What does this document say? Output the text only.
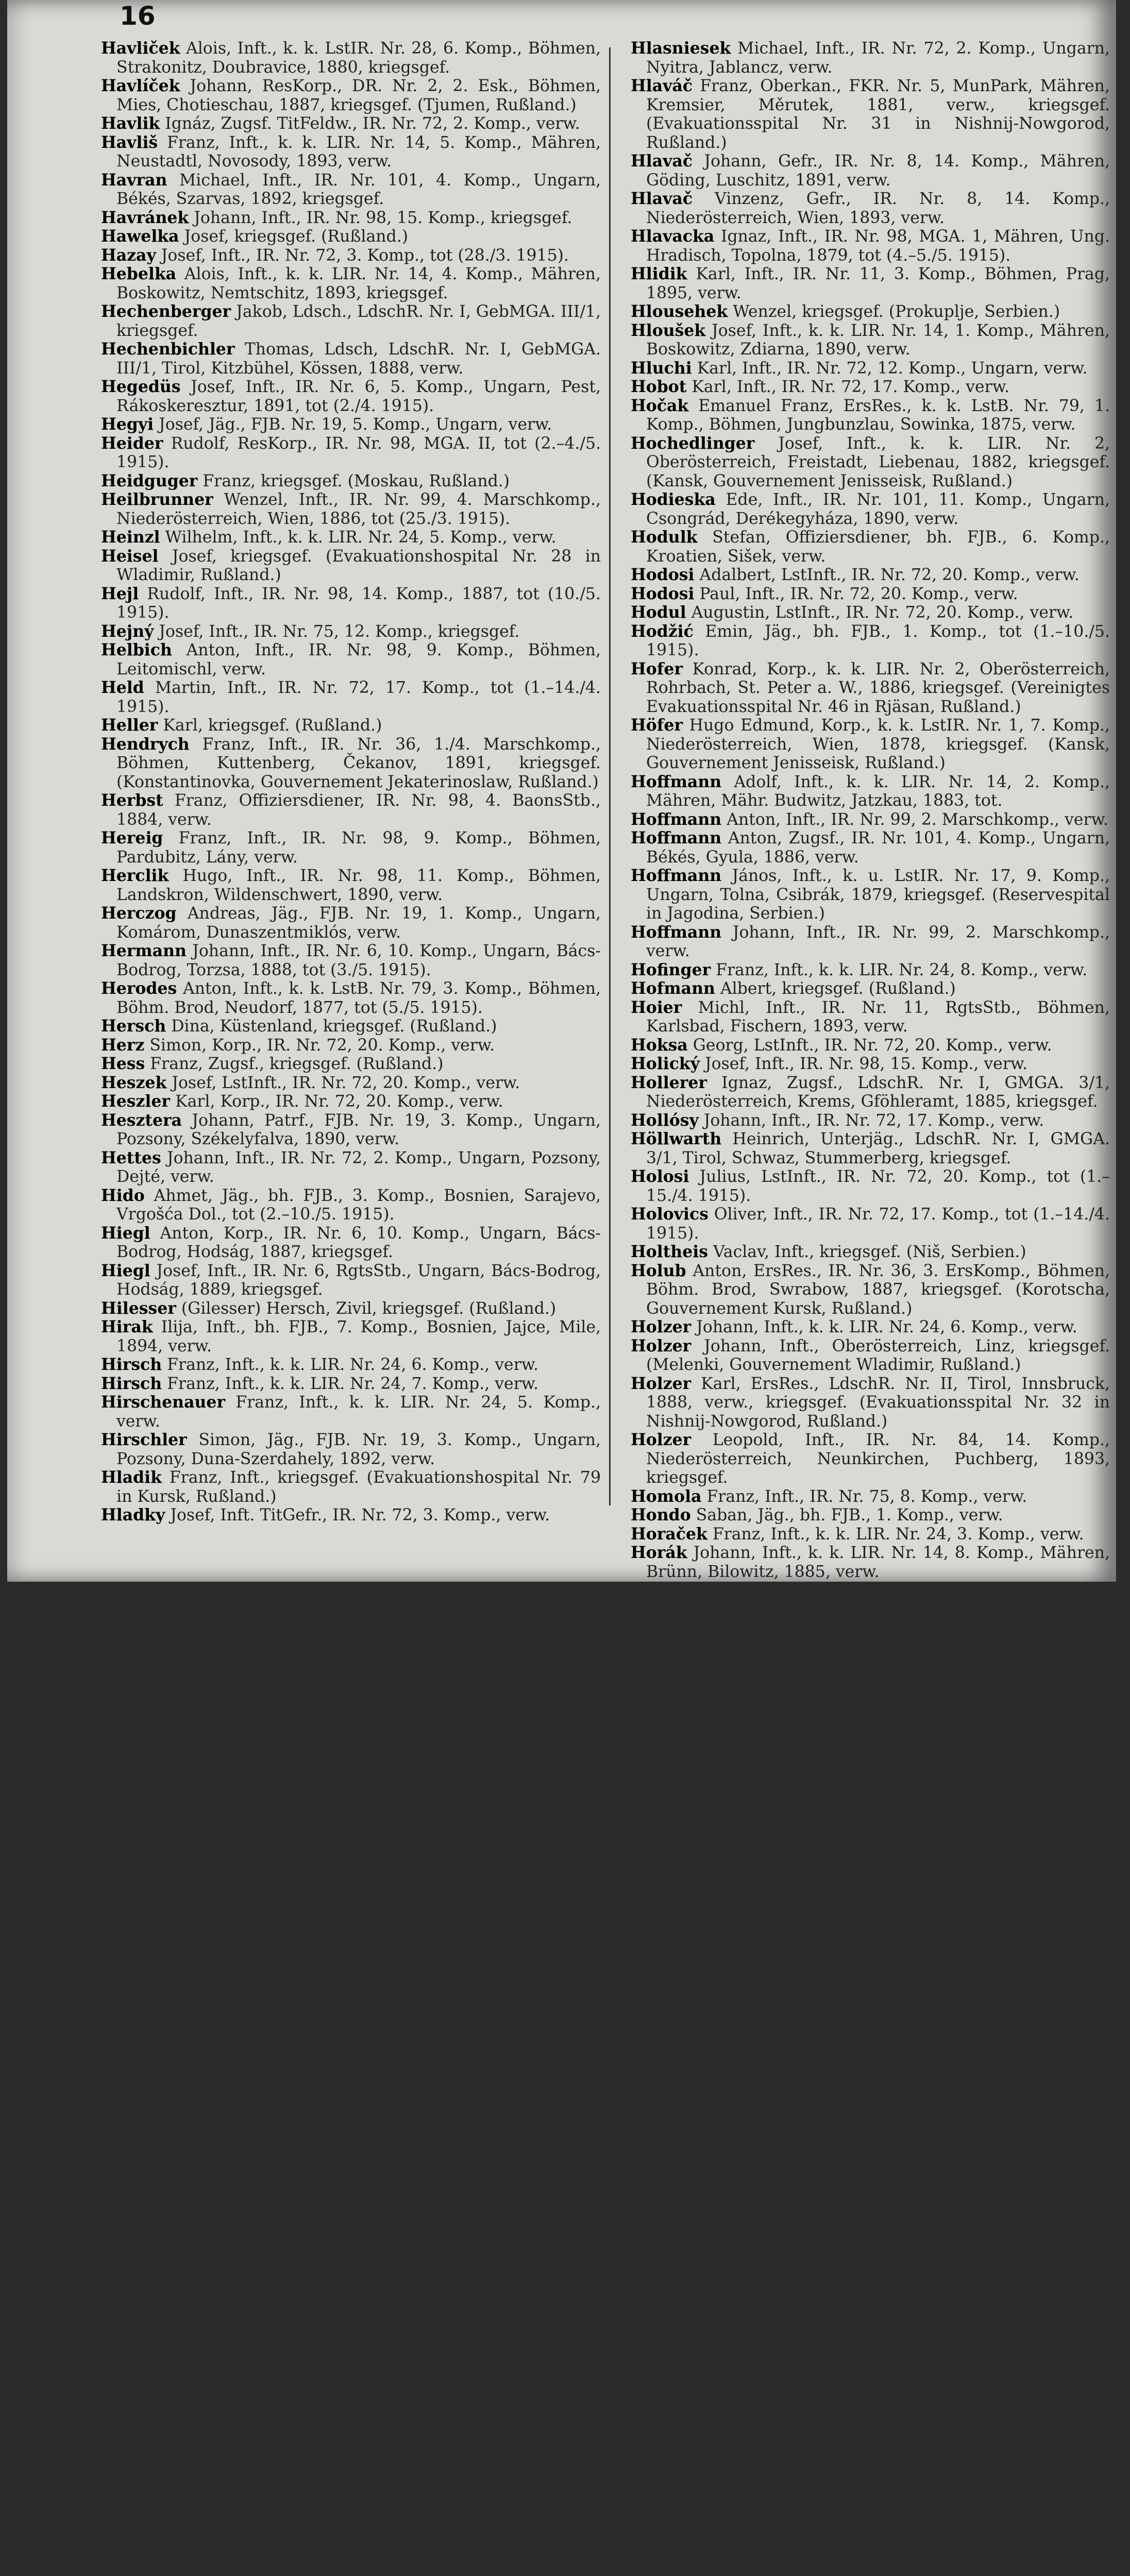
16

Havliček Alois, Inft., k. k. LstIR. Nr. 28, 6. Komp., Böhmen, Strakonitz, Doubravice, 1880, kriegsgef.

Havlíček Johann, ResKorp., DR. Nr. 2, 2. Esk., Böhmen, Mies, Chotieschau, 1887, kriegsgef. (Tjumen, Rußland.)

Havlik Ignáz, Zugsf. TitFeldw., IR. Nr. 72, 2. Komp., verw.

Havliš Franz, Inft., k. k. LIR. Nr. 14, 5. Komp., Mähren, Neustadtl, Novosody, 1893, verw.

Havran Michael, Inft., IR. Nr. 101, 4. Komp., Ungarn, Békés, Szarvas, 1892, kriegsgef.

Havránek Johann, Inft., IR. Nr. 98, 15. Komp., kriegsgef.

Hawelka Josef, kriegsgef. (Rußland.)

Hazay Josef, Inft., IR. Nr. 72, 3. Komp., tot (28./3. 1915).

Hebelka Alois, Inft., k. k. LIR. Nr. 14, 4. Komp., Mähren, Boskowitz, Nemtschitz, 1893, kriegsgef.

Hechenberger Jakob, Ldsch., LdschR. Nr. I, GebMGA. III/1, kriegsgef.

Hechenbichler Thomas, Ldsch, LdschR. Nr. I, GebMGA. III/1, Tirol, Kitzbühel, Kössen, 1888, verw.

Hegedüs Josef, Inft., IR. Nr. 6, 5. Komp., Ungarn, Pest, Rákoskeresztur, 1891, tot (2./4. 1915).

Hegyi Josef, Jäg., FJB. Nr. 19, 5. Komp., Ungarn, verw.

Heider Rudolf, ResKorp., IR. Nr. 98, MGA. II, tot (2.–4./5. 1915).

Heidguger Franz, kriegsgef. (Moskau, Rußland.)

Heilbrunner Wenzel, Inft., IR. Nr. 99, 4. Marschkomp., Niederösterreich, Wien, 1886, tot (25./3. 1915).

Heinzl Wilhelm, Inft., k. k. LIR. Nr. 24, 5. Komp., verw.

Heisel Josef, kriegsgef. (Evakuationshospital Nr. 28 in Wladimir, Rußland.)

Hejl Rudolf, Inft., IR. Nr. 98, 14. Komp., 1887, tot (10./5. 1915).

Hejný Josef, Inft., IR. Nr. 75, 12. Komp., kriegsgef.

Helbich Anton, Inft., IR. Nr. 98, 9. Komp., Böhmen, Leitomischl, verw.

Held Martin, Inft., IR. Nr. 72, 17. Komp., tot (1.–14./4. 1915).

Heller Karl, kriegsgef. (Rußland.)

Hendrych Franz, Inft., IR. Nr. 36, 1./4. Marschkomp., Böhmen, Kuttenberg, Čekanov, 1891, kriegsgef. (Konstantinovka, Gouvernement Jekaterinoslaw, Rußland.)

Herbst Franz, Offiziersdiener, IR. Nr. 98, 4. BaonsStb., 1884, verw.

Hereig Franz, Inft., IR. Nr. 98, 9. Komp., Böhmen, Pardubitz, Lány, verw.

Herclik Hugo, Inft., IR. Nr. 98, 11. Komp., Böhmen, Landskron, Wildenschwert, 1890, verw.

Herczog Andreas, Jäg., FJB. Nr. 19, 1. Komp., Ungarn, Komárom, Dunaszentmiklós, verw.

Hermann Johann, Inft., IR. Nr. 6, 10. Komp., Ungarn, Bács-Bodrog, Torzsa, 1888, tot (3./5. 1915).

Herodes Anton, Inft., k. k. LstB. Nr. 79, 3. Komp., Böhmen, Böhm. Brod, Neudorf, 1877, tot (5./5. 1915).

Hersch Dina, Küstenland, kriegsgef. (Rußland.)

Herz Simon, Korp., IR. Nr. 72, 20. Komp., verw.

Hess Franz, Zugsf., kriegsgef. (Rußland.)

Heszek Josef, LstInft., IR. Nr. 72, 20. Komp., verw.

Heszler Karl, Korp., IR. Nr. 72, 20. Komp., verw.

Hesztera Johann, Patrf., FJB. Nr. 19, 3. Komp., Ungarn, Pozsony, Székelyfalva, 1890, verw.

Hettes Johann, Inft., IR. Nr. 72, 2. Komp., Ungarn, Pozsony, Dejté, verw.

Hido Ahmet, Jäg., bh. FJB., 3. Komp., Bosnien, Sarajevo, Vrgošća Dol., tot (2.–10./5. 1915).

Hiegl Anton, Korp., IR. Nr. 6, 10. Komp., Ungarn, Bács-Bodrog, Hodság, 1887, kriegsgef.

Hiegl Josef, Inft., IR. Nr. 6, RgtsStb., Ungarn, Bács-Bodrog, Hodság, 1889, kriegsgef.

Hilesser (Gilesser) Hersch, Zivil, kriegsgef. (Rußland.)

Hirak Ilija, Inft., bh. FJB., 7. Komp., Bosnien, Jajce, Mile, 1894, verw.

Hirsch Franz, Inft., k. k. LIR. Nr. 24, 6. Komp., verw.

Hirsch Franz, Inft., k. k. LIR. Nr. 24, 7. Komp., verw.

Hirschenauer Franz, Inft., k. k. LIR. Nr. 24, 5. Komp., verw.

Hirschler Simon, Jäg., FJB. Nr. 19, 3. Komp., Ungarn, Pozsony, Duna-Szerdahely, 1892, verw.

Hladik Franz, Inft., kriegsgef. (Evakuationshospital Nr. 79 in Kursk, Rußland.)

Hladky Josef, Inft. TitGefr., IR. Nr. 72, 3. Komp., verw.

Hlasniesek Michael, Inft., IR. Nr. 72, 2. Komp., Ungarn, Nyitra, Jablancz, verw.

Hlaváč Franz, Oberkan., FKR. Nr. 5, MunPark, Mähren, Kremsier, Měrutek, 1881, verw., kriegsgef. (Evakuationsspital Nr. 31 in Nishnij-Nowgorod, Rußland.)

Hlavač Johann, Gefr., IR. Nr. 8, 14. Komp., Mähren, Göding, Luschitz, 1891, verw.

Hlavač Vinzenz, Gefr., IR. Nr. 8, 14. Komp., Niederösterreich, Wien, 1893, verw.

Hlavacka Ignaz, Inft., IR. Nr. 98, MGA. 1, Mähren, Ung. Hradisch, Topolna, 1879, tot (4.–5./5. 1915).

Hlidik Karl, Inft., IR. Nr. 11, 3. Komp., Böhmen, Prag, 1895, verw.

Hlousehek Wenzel, kriegsgef. (Prokuplje, Serbien.)

Hloušek Josef, Inft., k. k. LIR. Nr. 14, 1. Komp., Mähren, Boskowitz, Zdiarna, 1890, verw.

Hluchi Karl, Inft., IR. Nr. 72, 12. Komp., Ungarn, verw.

Hobot Karl, Inft., IR. Nr. 72, 17. Komp., verw.

Hočak Emanuel Franz, ErsRes., k. k. LstB. Nr. 79, 1. Komp., Böhmen, Jungbunzlau, Sowinka, 1875, verw.

Hochedlinger Josef, Inft., k. k. LIR. Nr. 2, Oberösterreich, Freistadt, Liebenau, 1882, kriegsgef. (Kansk, Gouvernement Jenisseisk, Rußland.)

Hodieska Ede, Inft., IR. Nr. 101, 11. Komp., Ungarn, Csongrád, Derékegyháza, 1890, verw.

Hodulk Stefan, Offiziersdiener, bh. FJB., 6. Komp., Kroatien, Sišek, verw.

Hodosi Adalbert, LstInft., IR. Nr. 72, 20. Komp., verw.

Hodosi Paul, Inft., IR. Nr. 72, 20. Komp., verw.

Hodul Augustin, LstInft., IR. Nr. 72, 20. Komp., verw.

Hodžić Emin, Jäg., bh. FJB., 1. Komp., tot (1.–10./5. 1915).

Hofer Konrad, Korp., k. k. LIR. Nr. 2, Oberösterreich, Rohrbach, St. Peter a. W., 1886, kriegsgef. (Vereinigtes Evakuationsspital Nr. 46 in Rjäsan, Rußland.)

Höfer Hugo Edmund, Korp., k. k. LstIR. Nr. 1, 7. Komp., Niederösterreich, Wien, 1878, kriegsgef. (Kansk, Gouvernement Jenisseisk, Rußland.)

Hoffmann Adolf, Inft., k. k. LIR. Nr. 14, 2. Komp., Mähren, Mähr. Budwitz, Jatzkau, 1883, tot.

Hoffmann Anton, Inft., IR. Nr. 99, 2. Marschkomp., verw.

Hoffmann Anton, Zugsf., IR. Nr. 101, 4. Komp., Ungarn, Békés, Gyula, 1886, verw.

Hoffmann János, Inft., k. u. LstIR. Nr. 17, 9. Komp., Ungarn, Tolna, Csibrák, 1879, kriegsgef. (Reservespital in Jagodina, Serbien.)

Hoffmann Johann, Inft., IR. Nr. 99, 2. Marschkomp., verw.

Hofinger Franz, Inft., k. k. LIR. Nr. 24, 8. Komp., verw.

Hofmann Albert, kriegsgef. (Rußland.)

Hoier Michl, Inft., IR. Nr. 11, RgtsStb., Böhmen, Karlsbad, Fischern, 1893, verw.

Hoksa Georg, LstInft., IR. Nr. 72, 20. Komp., verw.

Holický Josef, Inft., IR. Nr. 98, 15. Komp., verw.

Hollerer Ignaz, Zugsf., LdschR. Nr. I, GMGA. 3/1, Niederösterreich, Krems, Gföhleramt, 1885, kriegsgef.

Hollósy Johann, Inft., IR. Nr. 72, 17. Komp., verw.

Höllwarth Heinrich, Unterjäg., LdschR. Nr. I, GMGA. 3/1, Tirol, Schwaz, Stummerberg, kriegsgef.

Holosi Julius, LstInft., IR. Nr. 72, 20. Komp., tot (1.–15./4. 1915).

Holovics Oliver, Inft., IR. Nr. 72, 17. Komp., tot (1.–14./4. 1915).

Holtheis Vaclav, Inft., kriegsgef. (Niš, Serbien.)

Holub Anton, ErsRes., IR. Nr. 36, 3. ErsKomp., Böhmen, Böhm. Brod, Swrabow, 1887, kriegsgef. (Korotscha, Gouvernement Kursk, Rußland.)

Holzer Johann, Inft., k. k. LIR. Nr. 24, 6. Komp., verw.

Holzer Johann, Inft., Oberösterreich, Linz, kriegsgef. (Melenki, Gouvernement Wladimir, Rußland.)

Holzer Karl, ErsRes., LdschR. Nr. II, Tirol, Innsbruck, 1888, verw., kriegsgef. (Evakuationsspital Nr. 32 in Nishnij-Nowgorod, Rußland.)

Holzer Leopold, Inft., IR. Nr. 84, 14. Komp., Niederösterreich, Neunkirchen, Puchberg, 1893, kriegsgef.

Homola Franz, Inft., IR. Nr. 75, 8. Komp., verw.

Hondo Saban, Jäg., bh. FJB., 1. Komp., verw.

Horaček Franz, Inft., k. k. LIR. Nr. 24, 3. Komp., verw.

Horák Johann, Inft., k. k. LIR. Nr. 14, 8. Komp., Mähren, Brünn, Bilowitz, 1885, verw.
